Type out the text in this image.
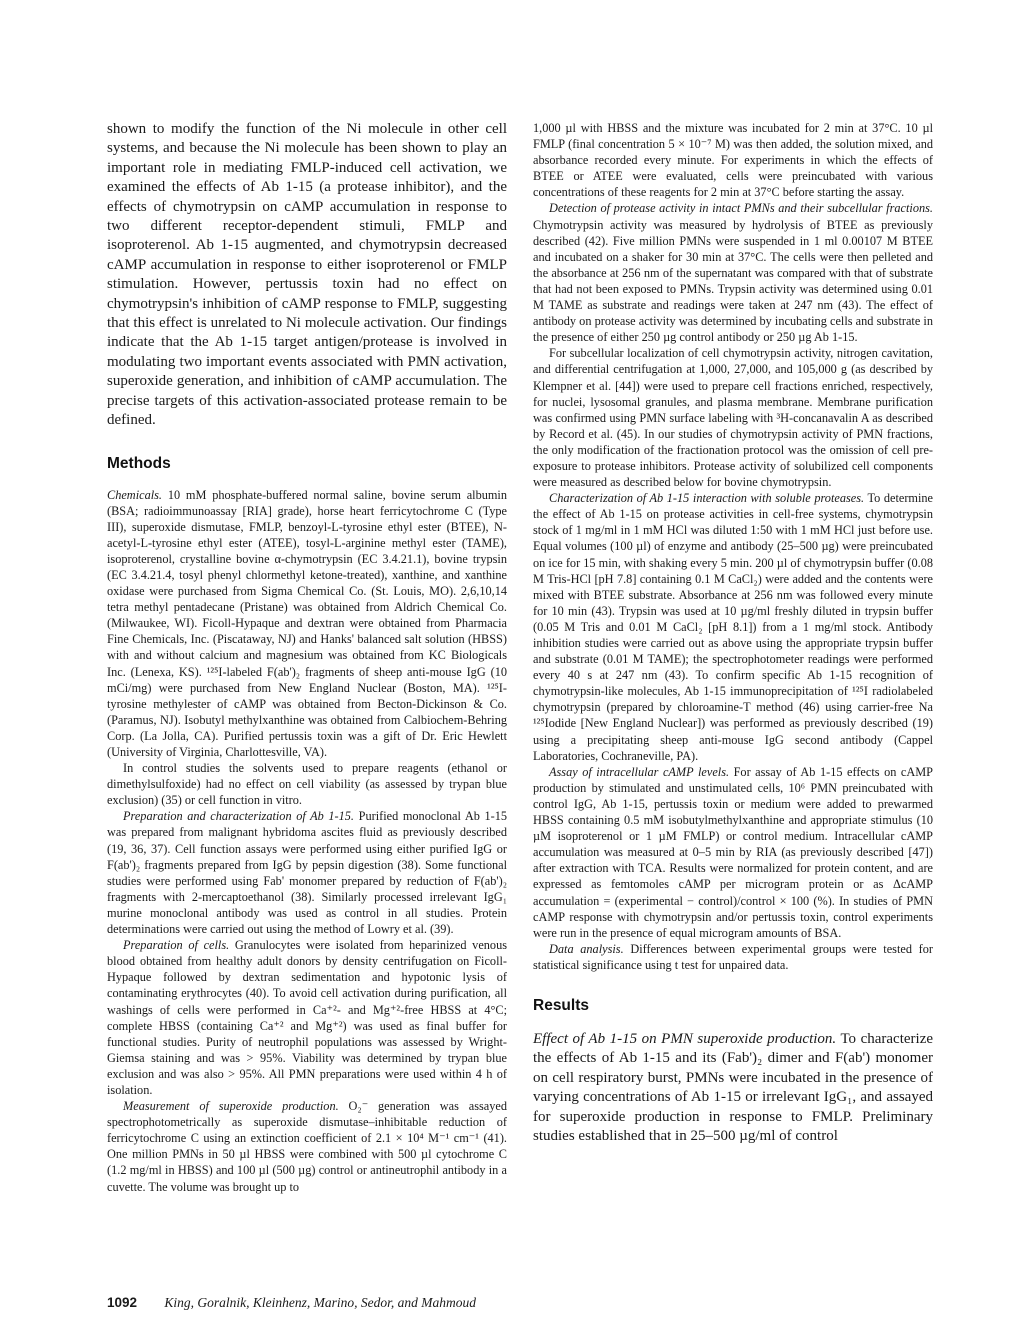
shown to modify the function of the Ni molecule in other cell systems, and because the Ni molecule has been shown to play an important role in mediating FMLP-induced cell activation, we examined the effects of Ab 1-15 (a protease inhibitor), and the effects of chymotrypsin on cAMP accumulation in response to two different receptor-dependent stimuli, FMLP and isoproterenol. Ab 1-15 augmented, and chymotrypsin decreased cAMP accumulation in response to either isoproterenol or FMLP stimulation. However, pertussis toxin had no effect on chymotrypsin's inhibition of cAMP response to FMLP, suggesting that this effect is unrelated to Ni molecule activation. Our findings indicate that the Ab 1-15 target antigen/protease is involved in modulating two important events associated with PMN activation, superoxide generation, and inhibition of cAMP accumulation. The precise targets of this activation-associated protease remain to be defined.

Methods

Chemicals. 10 mM phosphate-buffered normal saline, bovine serum albumin (BSA; radioimmunoassay [RIA] grade), horse heart ferricytochrome C (Type III), superoxide dismutase, FMLP, benzoyl-L-tyrosine ethyl ester (BTEE), N-acetyl-L-tyrosine ethyl ester (ATEE), tosyl-L-arginine methyl ester (TAME), isoproterenol, crystalline bovine α-chymotrypsin (EC 3.4.21.1), bovine trypsin (EC 3.4.21.4, tosyl phenyl chlormethyl ketone-treated), xanthine, and xanthine oxidase were purchased from Sigma Chemical Co. (St. Louis, MO). 2,6,10,14 tetra methyl pentadecane (Pristane) was obtained from Aldrich Chemical Co. (Milwaukee, WI). Ficoll-Hypaque and dextran were obtained from Pharmacia Fine Chemicals, Inc. (Piscataway, NJ) and Hanks' balanced salt solution (HBSS) with and without calcium and magnesium was obtained from KC Biologicals Inc. (Lenexa, KS). ¹²⁵I-labeled F(ab')₂ fragments of sheep anti-mouse IgG (10 mCi/mg) were purchased from New England Nuclear (Boston, MA). ¹²⁵I-tyrosine methylester of cAMP was obtained from Becton-Dickinson & Co. (Paramus, NJ). Isobutyl methylxanthine was obtained from Calbiochem-Behring Corp. (La Jolla, CA). Purified pertussis toxin was a gift of Dr. Eric Hewlett (University of Virginia, Charlottesville, VA).

In control studies the solvents used to prepare reagents (ethanol or dimethylsulfoxide) had no effect on cell viability (as assessed by trypan blue exclusion) (35) or cell function in vitro.

Preparation and characterization of Ab 1-15. Purified monoclonal Ab 1-15 was prepared from malignant hybridoma ascites fluid as previously described (19, 36, 37). Cell function assays were performed using either purified IgG or F(ab')₂ fragments prepared from IgG by pepsin digestion (38). Some functional studies were performed using Fab' monomer prepared by reduction of F(ab')₂ fragments with 2-mercaptoethanol (38). Similarly processed irrelevant IgG₁ murine monoclonal antibody was used as control in all studies. Protein determinations were carried out using the method of Lowry et al. (39).

Preparation of cells. Granulocytes were isolated from heparinized venous blood obtained from healthy adult donors by density centrifugation on Ficoll-Hypaque followed by dextran sedimentation and hypotonic lysis of contaminating erythrocytes (40). To avoid cell activation during purification, all washings of cells were performed in Ca⁺²- and Mg⁺²-free HBSS at 4°C; complete HBSS (containing Ca⁺² and Mg⁺²) was used as final buffer for functional studies. Purity of neutrophil populations was assessed by Wright-Giemsa staining and was > 95%. Viability was determined by trypan blue exclusion and was also > 95%. All PMN preparations were used within 4 h of isolation.

Measurement of superoxide production. O₂⁻ generation was assayed spectrophotometrically as superoxide dismutase–inhibitable reduction of ferricytochrome C using an extinction coefficient of 2.1 × 10⁴ M⁻¹ cm⁻¹ (41). One million PMNs in 50 µl HBSS were combined with 500 µl cytochrome C (1.2 mg/ml in HBSS) and 100 µl (500 µg) control or antineutrophil antibody in a cuvette. The volume was brought up to

1,000 µl with HBSS and the mixture was incubated for 2 min at 37°C. 10 µl FMLP (final concentration 5 × 10⁻⁷ M) was then added, the solution mixed, and absorbance recorded every minute. For experiments in which the effects of BTEE or ATEE were evaluated, cells were preincubated with various concentrations of these reagents for 2 min at 37°C before starting the assay.

Detection of protease activity in intact PMNs and their subcellular fractions. Chymotrypsin activity was measured by hydrolysis of BTEE as previously described (42). Five million PMNs were suspended in 1 ml 0.00107 M BTEE and incubated on a shaker for 30 min at 37°C. The cells were then pelleted and the absorbance at 256 nm of the supernatant was compared with that of substrate that had not been exposed to PMNs. Trypsin activity was determined using 0.01 M TAME as substrate and readings were taken at 247 nm (43). The effect of antibody on protease activity was determined by incubating cells and substrate in the presence of either 250 µg control antibody or 250 µg Ab 1-15.

For subcellular localization of cell chymotrypsin activity, nitrogen cavitation, and differential centrifugation at 1,000, 27,000, and 105,000 g (as described by Klempner et al. [44]) were used to prepare cell fractions enriched, respectively, for nuclei, lysosomal granules, and plasma membrane. Membrane purification was confirmed using PMN surface labeling with ³H-concanavalin A as described by Record et al. (45). In our studies of chymotrypsin activity of PMN fractions, the only modification of the fractionation protocol was the omission of cell pre-exposure to protease inhibitors. Protease activity of solubilized cell components were measured as described below for bovine chymotrypsin.

Characterization of Ab 1-15 interaction with soluble proteases. To determine the effect of Ab 1-15 on protease activities in cell-free systems, chymotrypsin stock of 1 mg/ml in 1 mM HCl was diluted 1:50 with 1 mM HCl just before use. Equal volumes (100 µl) of enzyme and antibody (25–500 µg) were preincubated on ice for 15 min, with shaking every 5 min. 200 µl of chymotrypsin buffer (0.08 M Tris-HCl [pH 7.8] containing 0.1 M CaCl₂) were added and the contents were mixed with BTEE substrate. Absorbance at 256 nm was followed every minute for 10 min (43). Trypsin was used at 10 µg/ml freshly diluted in trypsin buffer (0.05 M Tris and 0.01 M CaCl₂ [pH 8.1]) from a 1 mg/ml stock. Antibody inhibition studies were carried out as above using the appropriate trypsin buffer and substrate (0.01 M TAME); the spectrophotometer readings were performed every 40 s at 247 nm (43). To confirm specific Ab 1-15 recognition of chymotrypsin-like molecules, Ab 1-15 immunoprecipitation of ¹²⁵I radiolabeled chymotrypsin (prepared by chloroamine-T method (46) using carrier-free Na ¹²⁵Iodide [New England Nuclear]) was performed as previously described (19) using a precipitating sheep anti-mouse IgG second antibody (Cappel Laboratories, Cochraneville, PA).

Assay of intracellular cAMP levels. For assay of Ab 1-15 effects on cAMP production by stimulated and unstimulated cells, 10⁶ PMN preincubated with control IgG, Ab 1-15, pertussis toxin or medium were added to prewarmed HBSS containing 0.5 mM isobutylmethylxanthine and appropriate stimulus (10 µM isoproterenol or 1 µM FMLP) or control medium. Intracellular cAMP accumulation was measured at 0–5 min by RIA (as previously described [47]) after extraction with TCA. Results were normalized for protein content, and are expressed as femtomoles cAMP per microgram protein or as ΔcAMP accumulation = (experimental − control)/control × 100 (%). In studies of PMN cAMP response with chymotrypsin and/or pertussis toxin, control experiments were run in the presence of equal microgram amounts of BSA.

Data analysis. Differences between experimental groups were tested for statistical significance using t test for unpaired data.

Results

Effect of Ab 1-15 on PMN superoxide production. To characterize the effects of Ab 1-15 and its (Fab')₂ dimer and F(ab') monomer on cell respiratory burst, PMNs were incubated in the presence of varying concentrations of Ab 1-15 or irrelevant IgG₁, and assayed for superoxide production in response to FMLP. Preliminary studies established that in 25–500 µg/ml of control

1092 King, Goralnik, Kleinhenz, Marino, Sedor, and Mahmoud
